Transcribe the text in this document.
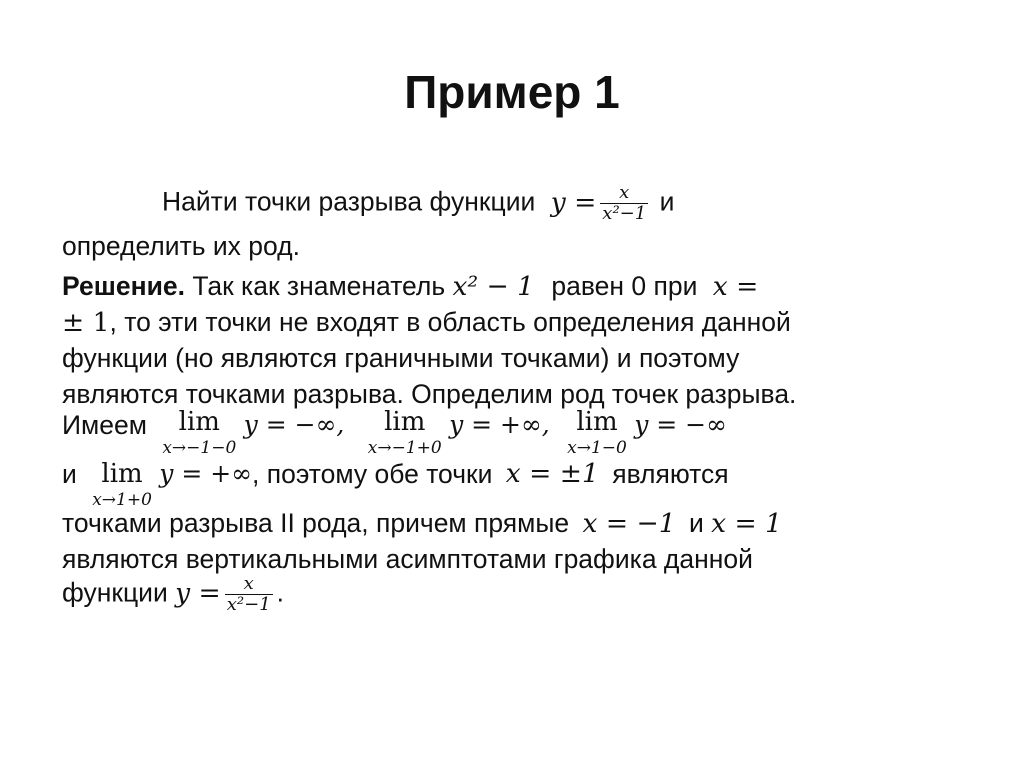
Пример 1
Найти точки разрыва функции $y = \frac{x}{\text{x²−1}}$ и
определить их род.
Решение. Так как знаменатель x² − 1 равен 0 при x =
± 1, то эти точки не входят в область определения данной
функции (но являются граничными точками) и поэтому
являются точками разрыва. Определим род точек разрыва.
Имеем	lim
x→−1−0
y = −∞,	lim
x→−1+0
y = +∞,	lim
x→1−0
y = −∞
и lim
x→1+0
y = +∞, поэтому обе точки x = ±1 являются
точками разрыва II рода, причем прямые x = −1 и x = 1
являются вертикальными асимптотами графика данной
функции $y = \frac{x}{\text{x²−1}}$ .
